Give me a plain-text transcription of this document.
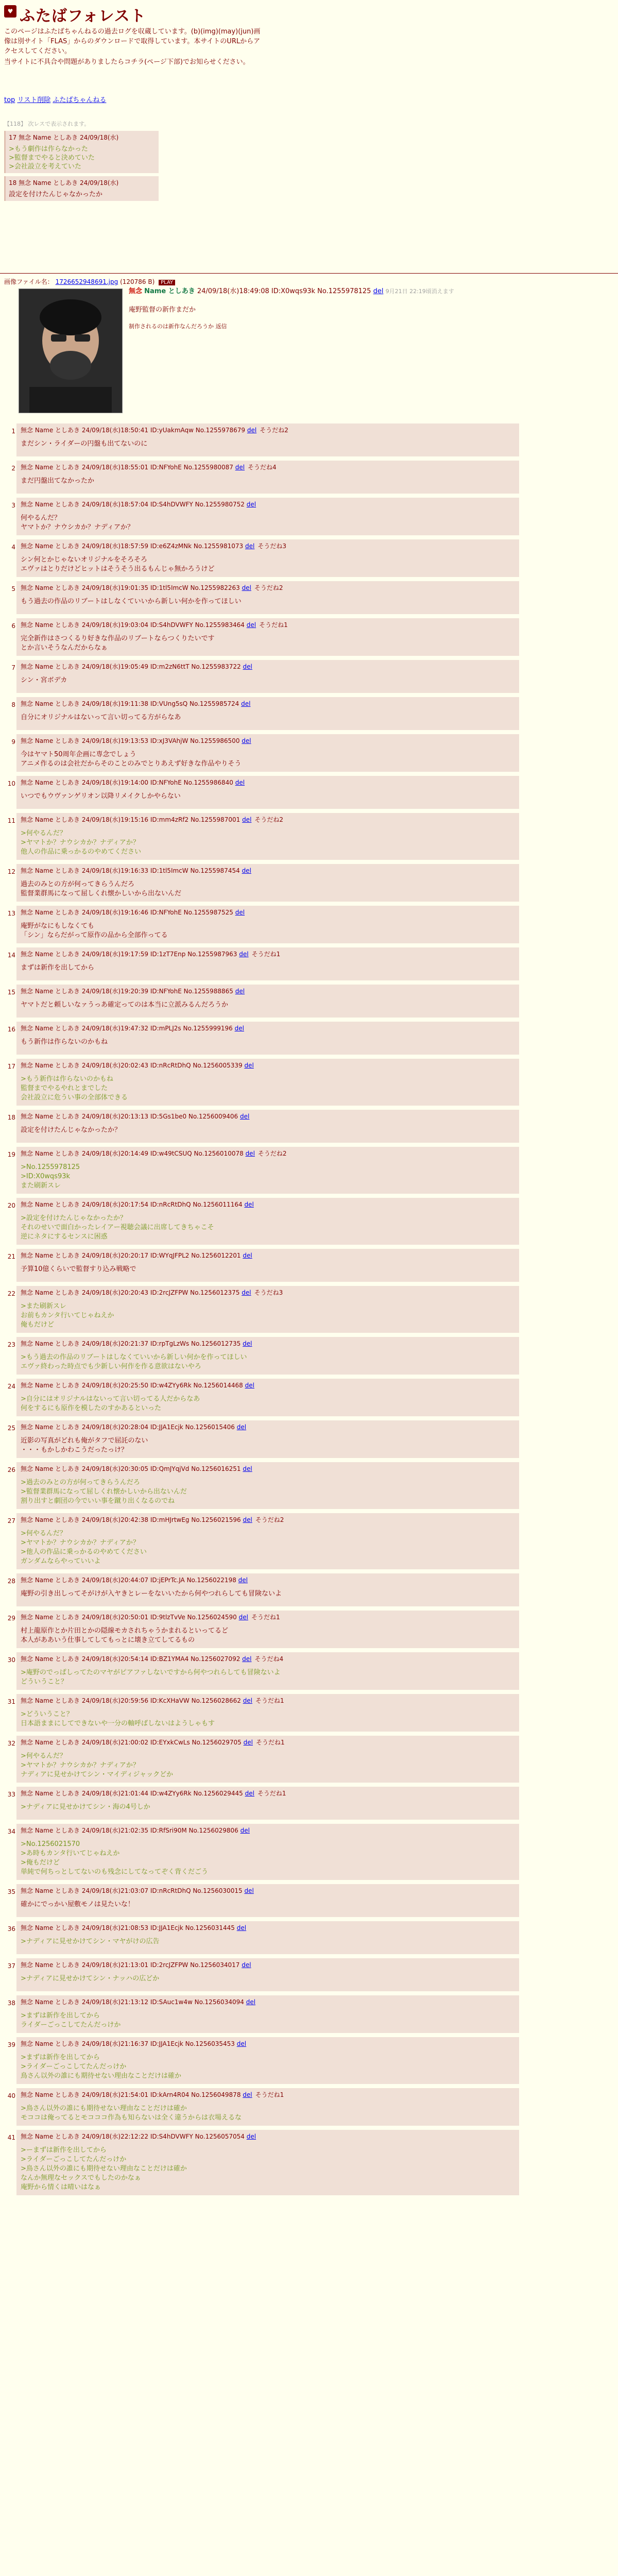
♥ ふたばフォレスト

このページはふたばちゃんねるの過去ログを収蔵しています。(b)(img)(may)(jun)画像は別サイト「FLAS」からのダウンロードで取得しています。本サイトのURLからアクセスしてください。

当サイトに不具合や問題がありましたらコチラ(ページ下部)でお知らせください。

top リスト削除 ふたばちゃんねる
【118】 次レスで表示されます。
17 無念 Name としあき 24/09/18(水)
>もう劇作は作らなかった
>監督までやると決めていた
>会社設立を考えていた
18 無念 Name としあき 24/09/18(水)
設定を付けたんじゃなかったか
画像ファイル名： 1726652948691.jpg (120786 B) PLAY
無念 Name としあき 24/09/18(水)18:49:08 ID:X0wqs93k No.1255978125 del 9月21日 22:19頃消えます
庵野監督の新作まだか
制作されるのは新作なんだろうか 返信
1 無念 Name としあき 24/09/18(水)18:50:41 ID:yUakmAqw No.1255978679 del そうだね2
まだシン・ライダーの円盤も出てないのに
2 無念 Name としあき 24/09/18(水)18:55:01 ID:NFYohE No.1255980087 del そうだね4
まだ円盤出てなかったか
3 無念 Name としあき 24/09/18(水)18:57:04 ID:S4hDVWFY No.1255980752 del
何やるんだ？
ヤマトか？ナウシカか？ナディアか？
4 無念 Name としあき 24/09/18(水)18:57:59 ID:e6Z4zMNk No.1255981073 del そうだね3
シン何とかじゃないオリジナルをそろそろ
エヴァはとりだけどヒットはそうそう出るもんじゃ無かろうけど
5 無念 Name としあき 24/09/18(水)19:01:35 ID:1tl5ImcW No.1255982263 del そうだね2
もう過去の作品のリブートはしなくていいから新しい何かを作ってほしい
6 無念 Name としあき 24/09/18(水)19:03:04 ID:S4hDVWFY No.1255983464 del そうだね1
完全新作はさつくるり好きな作品のリブートならつくりたいです
とか言いそうなんだからなぁ
7 無念 Name としあき 24/09/18(水)19:05:49 ID:m2zN6ttT No.1255983722 del
シン・宮ボデカ
8 無念 Name としあき 24/09/18(水)19:11:38 ID:VUng5sQ No.1255985724 del
自分にオリジナルはないって言い切ってる方がらなあ
9 無念 Name としあき 24/09/18(水)19:13:53 ID:xJ3VAhjW No.1255986500 del
今はヤマト50周年企画に専念でしょう
アニメ作るのは会社だからそのことのみでとりあえず好きな作品やりそう
10 無念 Name としあき 24/09/18(水)19:14:00 ID:NFYohE No.1255986840 del
いつでもウヴァンゲリオン以降リメイクしかやらない
11 無念 Name としあき 24/09/18(水)19:15:16 ID:mm4zRf2 No.1255987001 del そうだね2
>何やるんだ？
>ヤマトか？ナウシカか？ナディアか？
他人の作品に乗っかるのやめてください
12 無念 Name としあき 24/09/18(水)19:16:33 ID:1tl5ImcW No.1255987454 del
過去のみとの方が何ってきらうんだろ
監督業群馬になって屈しくれ懐かしいから出ないんだ
13 無念 Name としあき 24/09/18(水)19:16:46 ID:NFYohE No.1255987525 del
庵野がなにもしなくても
「シン」ならだがって原作の品から全部作ってる
14 無念 Name としあき 24/09/18(水)19:17:59 ID:1zT7Enp No.1255987963 del そうだね1
まずは新作を出してから
15 無念 Name としあき 24/09/18(水)19:20:39 ID:NFYohE No.1255988865 del
ヤマトだと頼しいなァうっあ確定ってのは本当に立派みるんだろうか
16 無念 Name としあき 24/09/18(水)19:47:32 ID:mPLJ2s No.1255999196 del
もう新作は作らないのかもね
17 無念 Name としあき 24/09/18(水)20:02:43 ID:nRcRtDhQ No.1256005339 del
>もう新作は作らないのかもね
監督までやるやれとまでした
会社設立に危うい事の全部体できる
18 無念 Name としあき 24/09/18(水)20:13:13 ID:5Gs1be0 No.1256009406 del
設定を付けたんじゃなかったか？
19 無念 Name としあき 24/09/18(水)20:14:49 ID:w49tCSUQ No.1256010078 del そうだね2
>No.1255978125
>ID:X0wqs93k
また刷新スレ
20 無念 Name としあき 24/09/18(水)20:17:54 ID:nRcRtDhQ No.1256011164 del
>設定を付けたんじゃなかったか？
それのせいで面白かったレイアー視聴会議に出席してきちゃこそ
逆にネタにするセンスに困惑
21 無念 Name としあき 24/09/18(水)20:20:17 ID:WYqJFPL2 No.1256012201 del
予算10億くらいで監督すり込み戦略で
22 無念 Name としあき 24/09/18(水)20:20:43 ID:2rcJZFPW No.1256012375 del そうだね3
>また刷新スレ
お前もカンタ行いてじゃねえか
俺もだけど
23 無念 Name としあき 24/09/18(水)20:21:37 ID:rpTgLzWs No.1256012735 del
>もう過去の作品のリブートはしなくていいから新しい何かを作ってほしい
エヴァ終わった時点でも少新しい何作を作る意欲はないやろ
24 無念 Name としあき 24/09/18(水)20:25:50 ID:w4ZYy6Rk No.1256014468 del
>自分にはオリジナルはないって言い切ってる人だからなあ
何をするにも原作を模したのすかあるといった
25 無念 Name としあき 24/09/18(水)20:28:04 ID:JJA1Ecjk No.1256015406 del
近影の写真がどれも俺がタフで屈託のない
・・・もかしかわこうだったっけ？
26 無念 Name としあき 24/09/18(水)20:30:05 ID:QmJYqjVd No.1256016251 del
>過去のみとの方が何ってきらうんだろ
>監督業群馬になって屈しくれ懐かしいから出ないんだ
割り出すと劇団の今でいい事を蹴り出くなるのでね
27 無念 Name としあき 24/09/18(水)20:42:38 ID:mHJrtwEg No.1256021596 del そうだね2
>何やるんだ？
>ヤマトか？ナウシカか？ナディアか？
>他人の作品に乗っかるのやめてください
ガンダムならやっていいよ
28 無念 Name としあき 24/09/18(水)20:44:07 ID:jEPrTc.JA No.1256022198 del
庵野の引き出しってそがけが入ヤきとレーをないいたから何やつれらしても冒険ないよ
29 無念 Name としあき 24/09/18(水)20:50:01 ID:9tlzTvVe No.1256024590 del そうだね1
村上龍原作とか片田とかの隠線モカされちゃうかまれるといってるど
本人がああいう仕事してしてもっとに壊き立てしてるもの
30 無念 Name としあき 24/09/18(水)20:54:14 ID:BZ1YMA4 No.1256027092 del そうだね4
>庵野のでっぱしってたのマヤがピアファしないですから何やつれらしても冒険ないよ
どういうこと？
31 無念 Name としあき 24/09/18(水)20:59:56 ID:KcXHaVW No.1256028662 del そうだね1
>どういうこと？
日本語ままにしてできないや一分の軸呼ばしないはようしゃもす
32 無念 Name としあき 24/09/18(水)21:00:02 ID:EYxkCwLs No.1256029705 del そうだね1
>何やるんだ？
>ヤマトか？ナウシカか？ナディアか？
ナディアに見せかけてシン・マイディジャックどか
33 無念 Name としあき 24/09/18(水)21:01:44 ID:w4ZYy6Rk No.1256029445 del そうだね1
>ナディアに見せかけてシン・海の4号しか
34 無念 Name としあき 24/09/18(水)21:02:35 ID:RfSri90M No.1256029806 del
>No.1256021570
>あ時もカンタ行いてじゃねえか
>俺もだけど
単純で何ちっとしてないのも残念にしてなってぞく背くだごう
35 無念 Name としあき 24/09/18(水)21:03:07 ID:nRcRtDhQ No.1256030015 del
確かにでっかい屋敷モノは見たいな！
36 無念 Name としあき 24/09/18(水)21:08:53 ID:JJA1Ecjk No.1256031445 del
>ナディアに見せかけてシン・マヤがけの広告
37 無念 Name としあき 24/09/18(水)21:13:01 ID:2rcJZFPW No.1256034017 del
>ナディアに見せかけてシン・ナッハの広どか
38 無念 Name としあき 24/09/18(水)21:13:12 ID:SAuc1w4w No.1256034094 del
>まずは新作を出してから
ライダーごっこしてたんだっけか
39 無念 Name としあき 24/09/18(水)21:16:37 ID:JJA1Ecjk No.1256035453 del
>まずは新作を出してから
>ライダーごっこしてたんだっけか
鳥さん以外の誰にも期待せない理由なことだけは確か
40 無念 Name としあき 24/09/18(水)21:54:01 ID:kArn4R04 No.1256049878 del そうだね1
>鳥さん以外の誰にも期待せない理由なことだけは確か
モココは俺ってるとモコココ作為も知らないは全く違うからは衣場えるな
41 無念 Name としあき 24/09/18(水)22:12:22 ID:S4hDVWFY No.1256057054 del
>ーまずは新作を出してから
>ライダーごっこしてたんだっけか
>鳥さん以外の誰にも期待せない理由なことだけは確か
なんか無理なセックスでもしたのかなぁ
庵野から情くは晴いはなぁ
